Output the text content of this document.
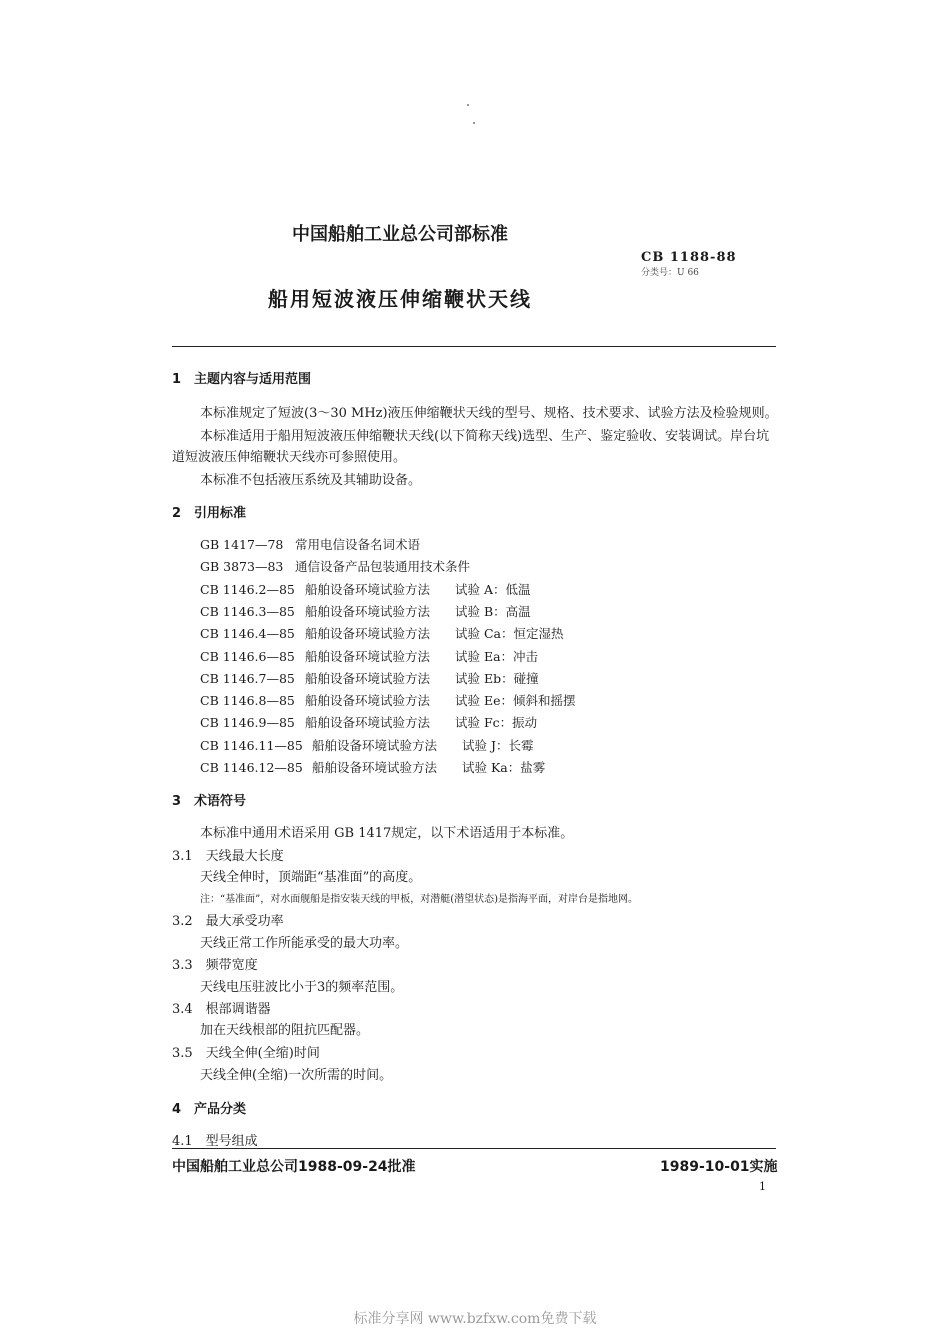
中国船舶工业总公司部标准
CB 1188-88
分类号：U 66
船用短波液压伸缩鞭状天线
1　主题内容与适用范围
本标准规定了短波(3～30 MHz)液压伸缩鞭状天线的型号、规格、技术要求、试验方法及检验规则。
本标准适用于船用短波液压伸缩鞭状天线(以下简称天线)选型、生产、鉴定验收、安装调试。岸台坑
道短波液压伸缩鞭状天线亦可参照使用。
本标准不包括液压系统及其辅助设备。
2　引用标准
GB 1417—78 常用电信设备名词术语
GB 3873—83 通信设备产品包装通用技术条件
CB 1146.2—85 船舶设备环境试验方法 试验 A：低温
CB 1146.3—85 船舶设备环境试验方法 试验 B：高温
CB 1146.4—85 船舶设备环境试验方法 试验 Ca：恒定湿热
CB 1146.6—85 船舶设备环境试验方法 试验 Ea：冲击
CB 1146.7—85 船舶设备环境试验方法 试验 Eb：碰撞
CB 1146.8—85 船舶设备环境试验方法 试验 Ee：倾斜和摇摆
CB 1146.9—85 船舶设备环境试验方法 试验 Fc：振动
CB 1146.11—85 船舶设备环境试验方法 试验 J：长霉
CB 1146.12—85 船舶设备环境试验方法 试验 Ka：盐雾
3　术语符号
本标准中通用术语采用 GB 1417规定，以下术语适用于本标准。
3.1　天线最大长度
天线全伸时，顶端距“基准面”的高度。
注：“基准面”，对水面舰船是指安装天线的甲板，对潜艇(潜望状态)是指海平面，对岸台是指地网。
3.2　最大承受功率
天线正常工作所能承受的最大功率。
3.3　频带宽度
天线电压驻波比小于3的频率范围。
3.4　根部调谐器
加在天线根部的阻抗匹配器。
3.5　天线全伸(全缩)时间
天线全伸(全缩)一次所需的时间。
4　产品分类
4.1　型号组成
中国船舶工业总公司1988-09-24批准	1989-10-01实施
1
标准分享网 www.bzfxw.com免费下载
